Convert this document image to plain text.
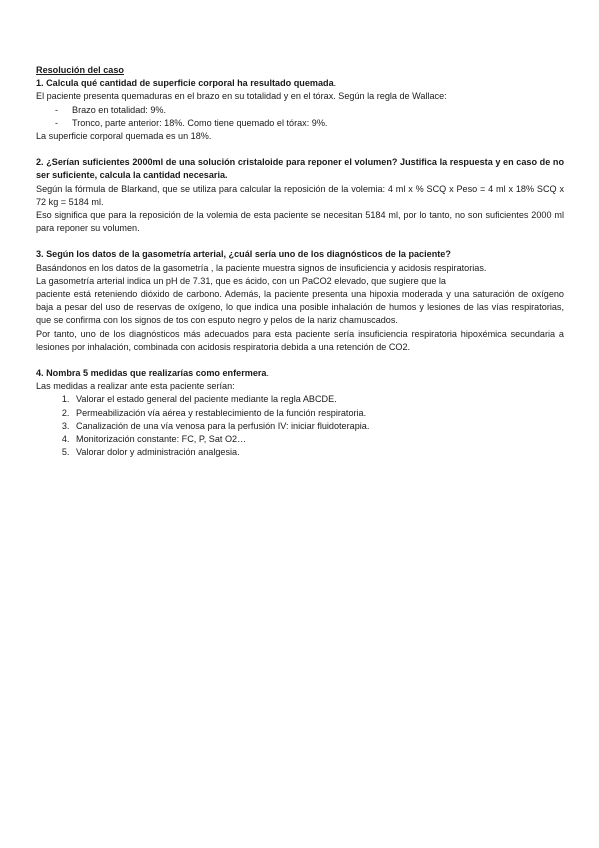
Resolución del caso

1. Calcula qué cantidad de superficie corporal ha resultado quemada.

El paciente presenta quemaduras en el brazo en su totalidad y en el tórax. Según la regla de Wallace:

- Brazo en totalidad: 9%.
- Tronco, parte anterior: 18%. Como tiene quemado el tórax: 9%.

La superficie corporal quemada es un 18%.

2. ¿Serían suficientes 2000ml de una solución cristaloide para reponer el volumen? Justifica la respuesta y en caso de no ser suficiente, calcula la cantidad necesaria.

Según la fórmula de Blarkand, que se utiliza para calcular la reposición de la volemia: 4 ml x % SCQ x Peso = 4 ml x 18% SCQ x 72 kg = 5184 ml.

Eso significa que para la reposición de la volemia de esta paciente se necesitan 5184 ml, por lo tanto, no son suficientes 2000 ml para reponer su volumen.

3. Según los datos de la gasometría arterial, ¿cuál sería uno de los diagnósticos de la paciente?

Basándonos en los datos de la gasometría , la paciente muestra signos de insuficiencia y acidosis respiratorias.

La gasometría arterial indica un pH de 7.31, que es ácido, con un PaCO2 elevado, que sugiere que la

paciente está reteniendo dióxido de carbono. Además, la paciente presenta una hipoxia moderada y una saturación de oxígeno baja a pesar del uso de reservas de oxígeno, lo que indica una posible inhalación de humos y lesiones de las vías respiratorias, que se confirma con los signos de tos con esputo negro y pelos de la nariz chamuscados.

Por tanto, uno de los diagnósticos más adecuados para esta paciente sería insuficiencia respiratoria hipoxémica secundaria a lesiones por inhalación, combinada con acidosis respiratoria debida a una retención de CO2.

4. Nombra 5 medidas que realizarías como enfermera.

Las medidas a realizar ante esta paciente serían:

1. Valorar el estado general del paciente mediante la regla ABCDE.
2. Permeabilización vía aérea y restablecimiento de la función respiratoria.
3. Canalización de una vía venosa para la perfusión IV: iniciar fluidoterapia.
4. Monitorización constante: FC, P, Sat O2…
5. Valorar dolor y administración analgesia.
